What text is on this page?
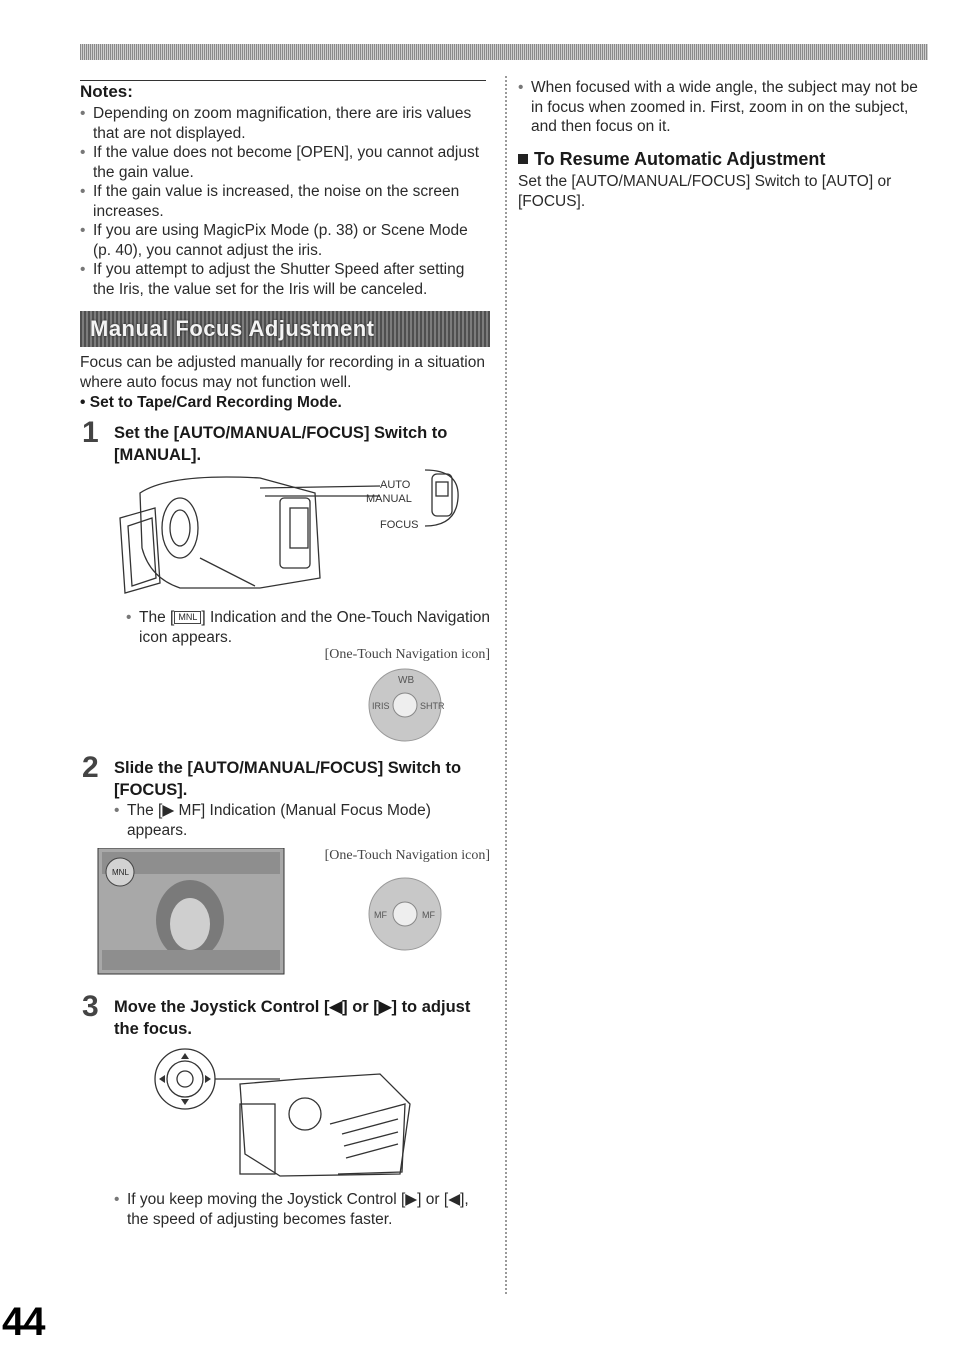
Notes:
• Depending on zoom magnification, there are iris values that are not displayed.
• If the value does not become [OPEN], you cannot adjust the gain value.
• If the gain value is increased, the noise on the screen increases.
• If you are using MagicPix Mode (p. 38) or Scene Mode (p. 40), you cannot adjust the iris.
• If you attempt to adjust the Shutter Speed after setting the Iris, the value set for the Iris will be canceled.
Manual Focus Adjustment
Focus can be adjusted manually for recording in a situation where auto focus may not function well.
• Set to Tape/Card Recording Mode.
1 Set the [AUTO/MANUAL/FOCUS] Switch to [MANUAL].
AUTO
MANUAL
FOCUS
• The [ MNL ] Indication and the One-Touch Navigation icon appears.
[One-Touch Navigation icon]
WB
IRIS	SHTR
2 Slide the [AUTO/MANUAL/FOCUS] Switch to [FOCUS].
• The [▶ MF] Indication (Manual Focus Mode) appears.
MNL
[One-Touch Navigation icon]
MF	MF
3 Move the Joystick Control [◀] or [▶] to adjust the focus.
• If you keep moving the Joystick Control [▶] or [◀], the speed of adjusting becomes faster.
• When focused with a wide angle, the subject may not be in focus when zoomed in. First, zoom in on the subject, and then focus on it.
To Resume Automatic Adjustment
Set the [AUTO/MANUAL/FOCUS] Switch to [AUTO] or [FOCUS].
44
